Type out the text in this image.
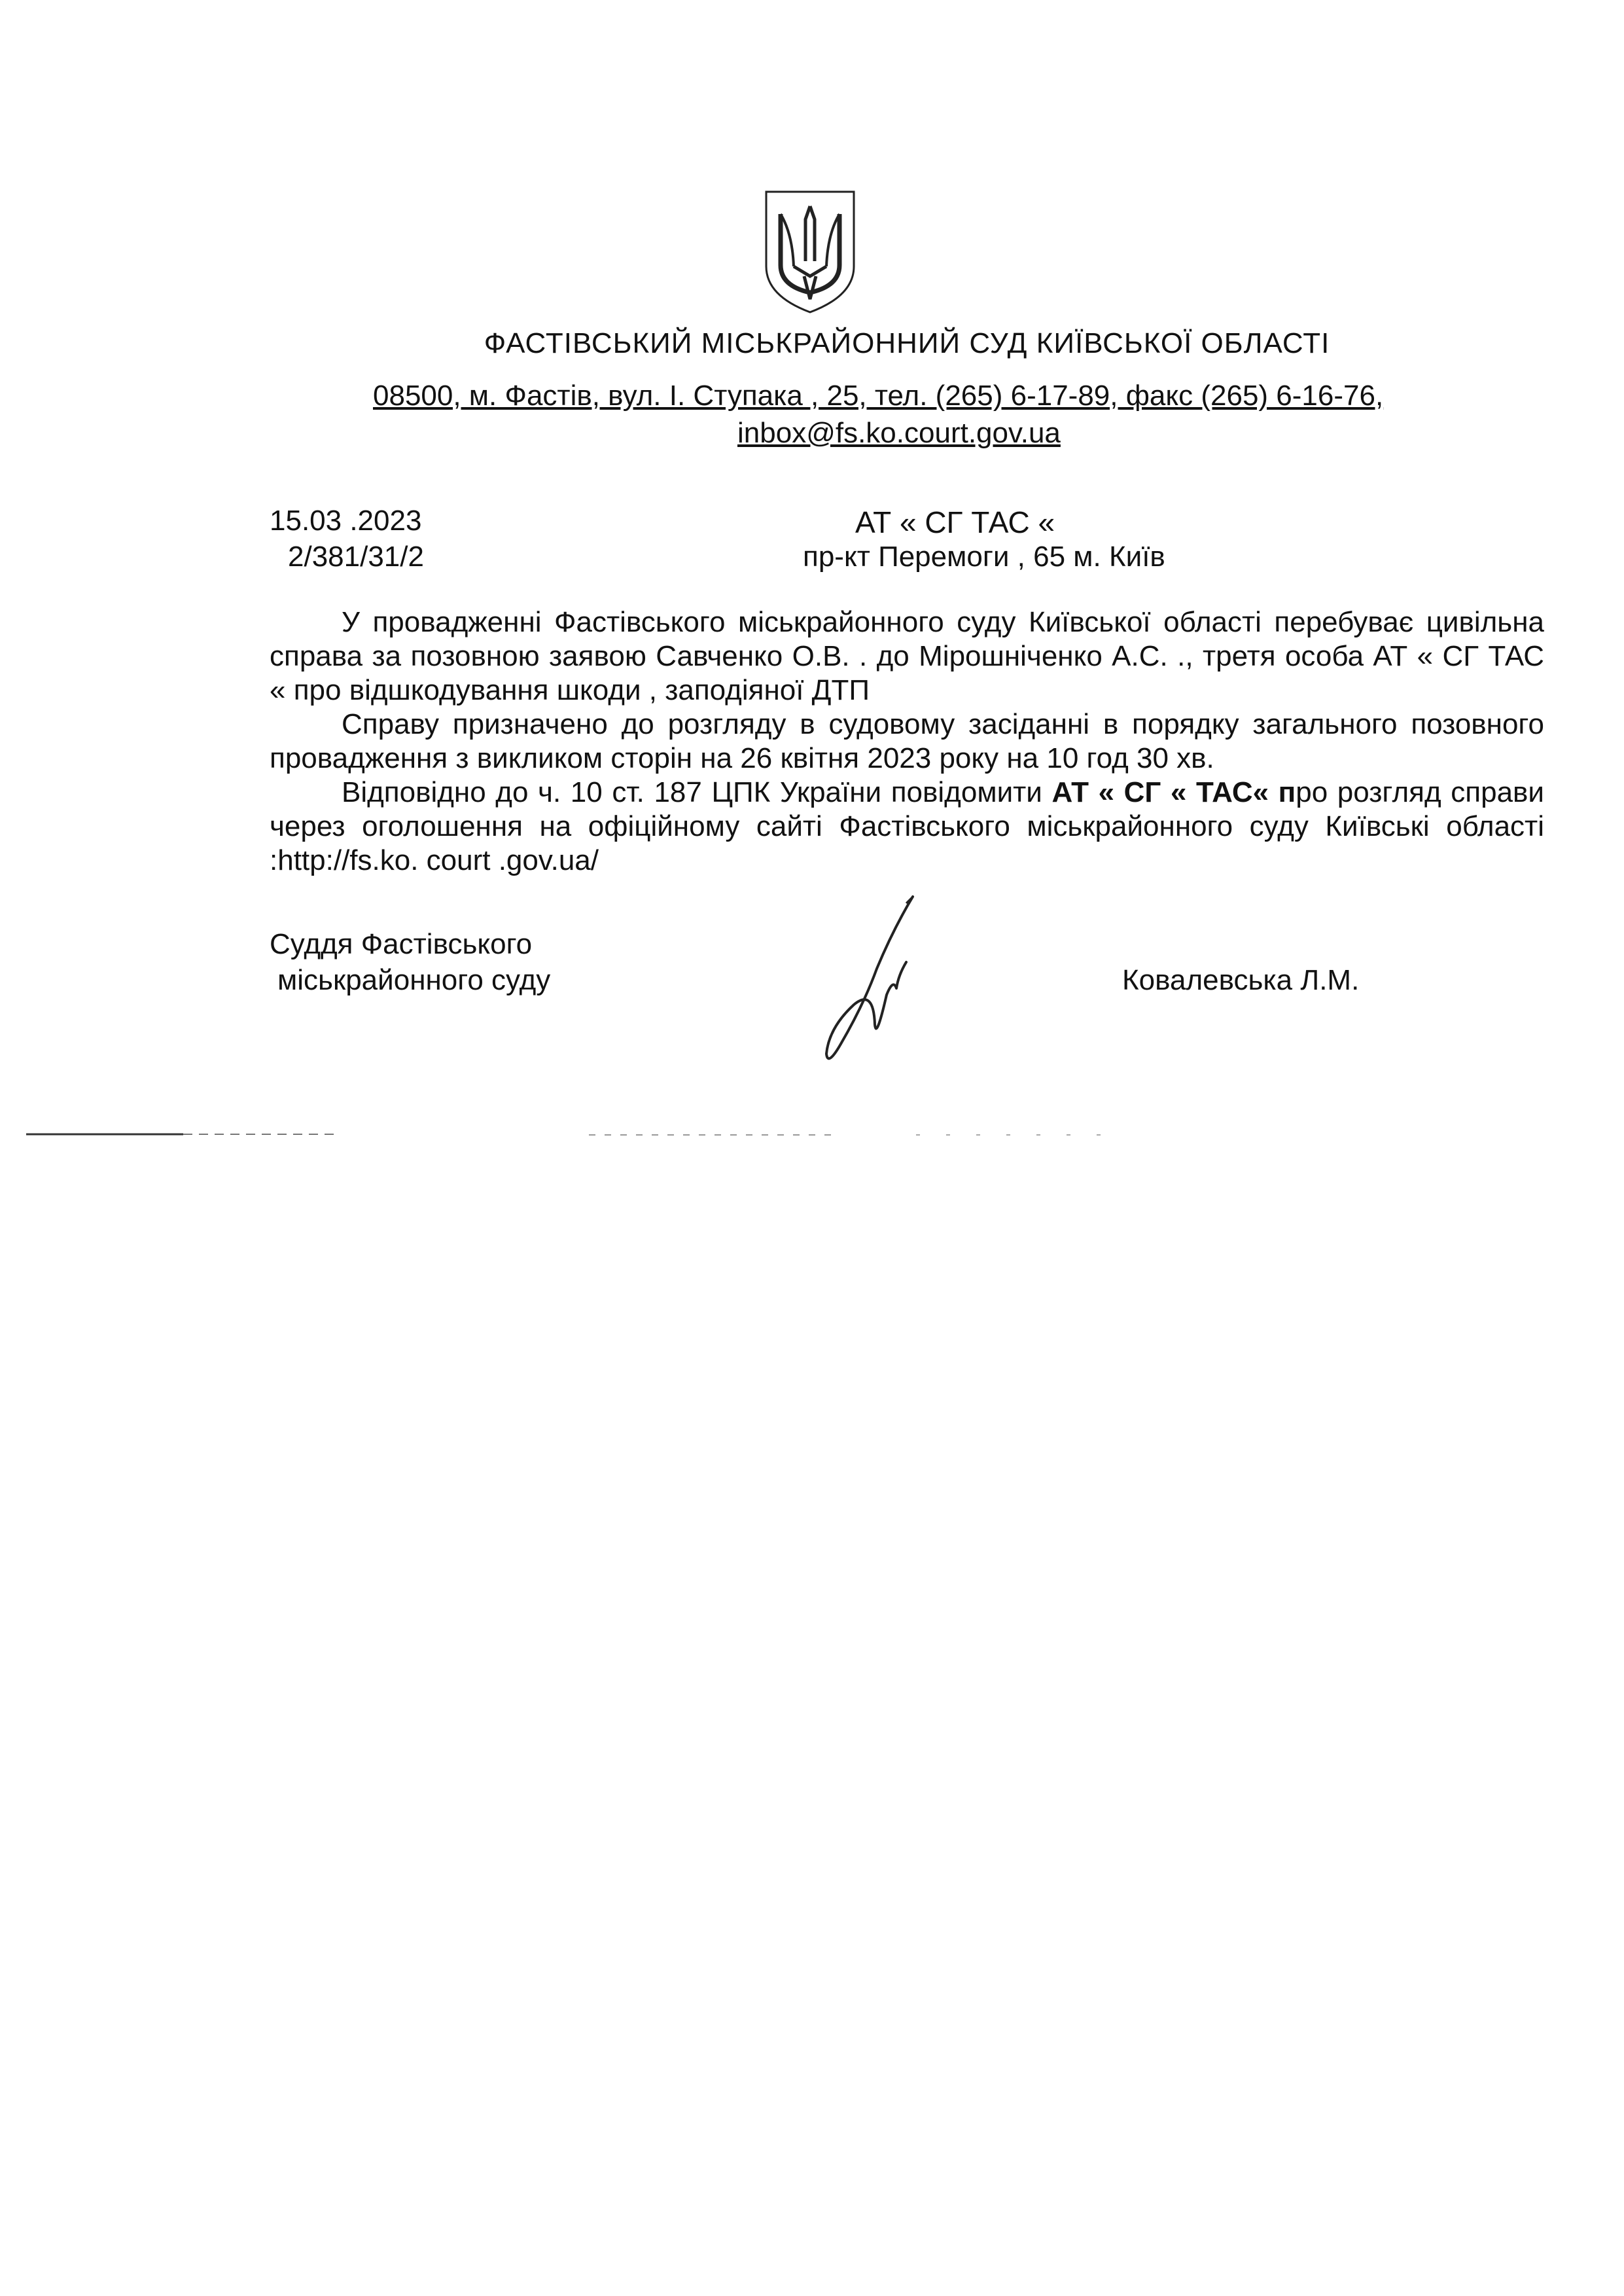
ФАСТІВСЬКИЙ МІСЬКРАЙОННИЙ СУД КИЇВСЬКОЇ ОБЛАСТІ
08500, м. Фастів, вул. І. Ступака , 25, тел. (265) 6-17-89, факс (265) 6-16-76,
inbox@fs.ko.court.gov.ua
15.03 .2023
2/381/31/2
АТ « СГ ТАС «
пр-кт Перемоги , 65 м. Київ

У провадженні Фастівського міськрайонного суду Київської області перебуває цивільна справа за позовною заявою Савченко О.В. . до Мірошніченко А.С. ., третя особа АТ « СГ ТАС « про відшкодування шкоди , заподіяної ДТП

Справу призначено до розгляду в судовому засіданні в порядку загального позовного провадження з викликом сторін на 26 квітня 2023 року на 10 год 30 хв.

Відповідно до ч. 10 ст. 187 ЦПК України повідомити АТ « СГ « ТАС« про розгляд справи через оголошення на офіційному сайті Фастівського міськрайонного суду Київські області :http://fs.ko. court .gov.ua/

Суддя Фастівського
міськрайонного суду	Ковалевська Л.М.
